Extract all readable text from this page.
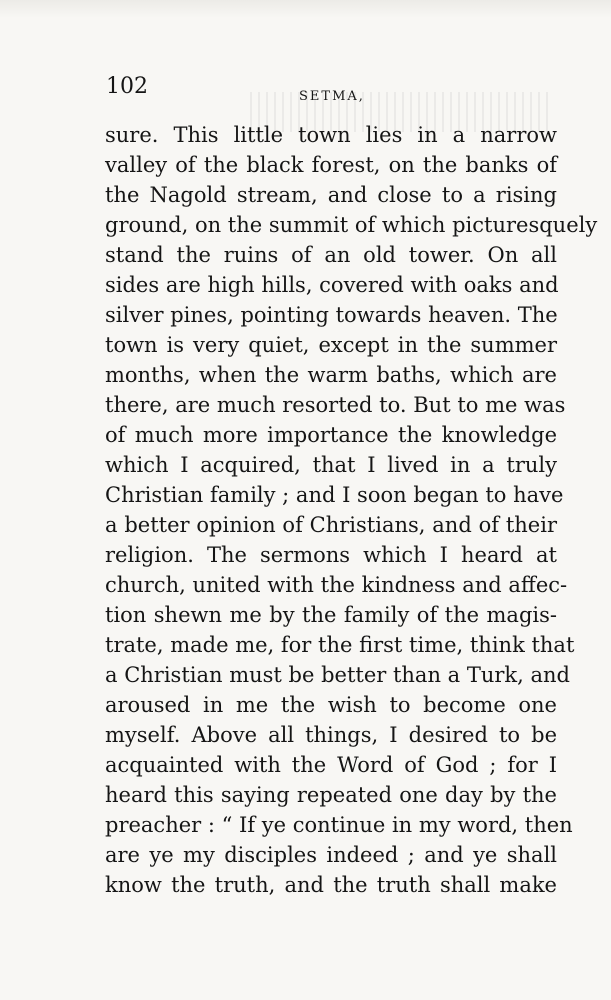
102	SETMA,
sure. This little town lies in a narrow
valley of the black forest, on the banks of
the Nagold stream, and close to a rising
ground, on the summit of which picturesquely
stand the ruins of an old tower. On all
sides are high hills, covered with oaks and
silver pines, pointing towards heaven. The
town is very quiet, except in the summer
months, when the warm baths, which are
there, are much resorted to. But to me was
of much more importance the knowledge
which I acquired, that I lived in a truly
Christian family ; and I soon began to have
a better opinion of Christians, and of their
religion. The sermons which I heard at
church, united with the kindness and affec-
tion shewn me by the family of the magis-
trate, made me, for the first time, think that
a Christian must be better than a Turk, and
aroused in me the wish to become one
myself. Above all things, I desired to be
acquainted with the Word of God ; for I
heard this saying repeated one day by the
preacher : “ If ye continue in my word, then
are ye my disciples indeed ; and ye shall
know the truth, and the truth shall make
